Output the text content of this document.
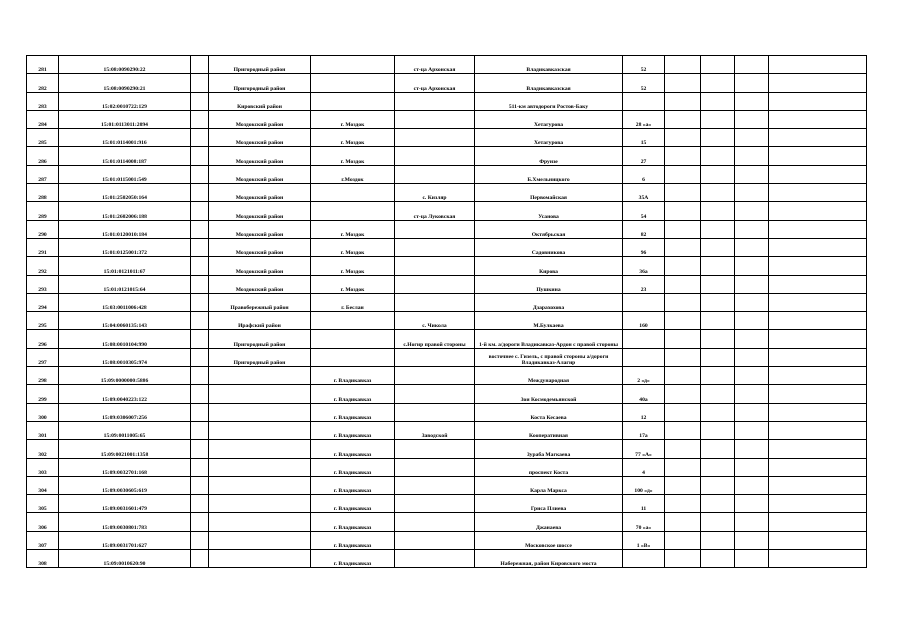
281	15:08:0090290:22		Пригородный район		ст-ца Архонская	Владикавказская	52				
282	15:08:0090290:21		Пригородный район		ст-ца Архонская	Владикавказская	52				
283	15:02:0010722:129		Кировский район			511-км автодороги Ростов-Баку					
284	15:01:0113011:2094		Моздокский район	г. Моздок		Хетагурова	28 «а»				
285	15:01:0114001:916		Моздокский район	г. Моздок		Хетагурова	15				
286	15:01:0114008:187		Моздокский район	г. Моздок		Фрунзе	27				
287	15:01:0115001:549		Моздокский район	г.Моздок		Б.Хмельницкого	6				
288	15:01:2502050:164		Моздокский район		с. Кизляр	Первомайская	35А				
289	15:01:2602006:188		Моздокский район		ст-ца Луковская	Усанова	54				
290	15:01:0120010:184		Моздокский район	г. Моздок		Октябрьская	82				
291	15:01:0125001:372		Моздокский район	г. Моздок		Садовникова	96				
292	15:01:0121011:67		Моздокский район	г. Моздок		Кирова	36а				
293	15:01:0121015:64		Моздокский район	г. Моздок		Пушкина	23				
294	15:03:0011006:428		Правобережный район	г. Беслан		Дзарахохова					
295	15:04:0060135:143		Ирафский район		с. Чикола	М.Булкаева	160				
296	15:08:0010104:990		Пригородный район		с.Ногир правой стороны	1-й км. а/дороги Владикавказ-Ардон с правой стороны					
297	15:08:0010305:974		Пригородный район			восточнее с. Гизель, с правой стороны а/дороги Владикавказ-Алагир					
298	15:09:0000000:5886			г. Владикавказ		Международная	2 «д»				
299	15:09:0040223:122			г. Владикавказ		Зои Космодемьянской	40а				
300	15:09:0306007:256			г. Владикавказ		Коста Кесаева	12				
301	15:09:0011005:65			г. Владикавказ	Заводской	Кооперативная	17а				
302	15:09:0021001:1358			г. Владикавказ		Зураба Магкаева	77 «А»				
303	15:09:0032701:168			г. Владикавказ		проспект Коста	4				
304	15:09:0030605:619			г. Владикавказ		Карла Маркса	100 «д»				
305	15:09:0031601:479			г. Владикавказ		Гриса Плиева	11				
306	15:09:0030801:783			г. Владикавказ		Джанаева	70 «а»				
307	15:09:0031701:627			г. Владикавказ		Московское шоссе	1 «В»				
308	15:09:0010620:90			г. Владикавказ		Набережная, район Кировского моста					
